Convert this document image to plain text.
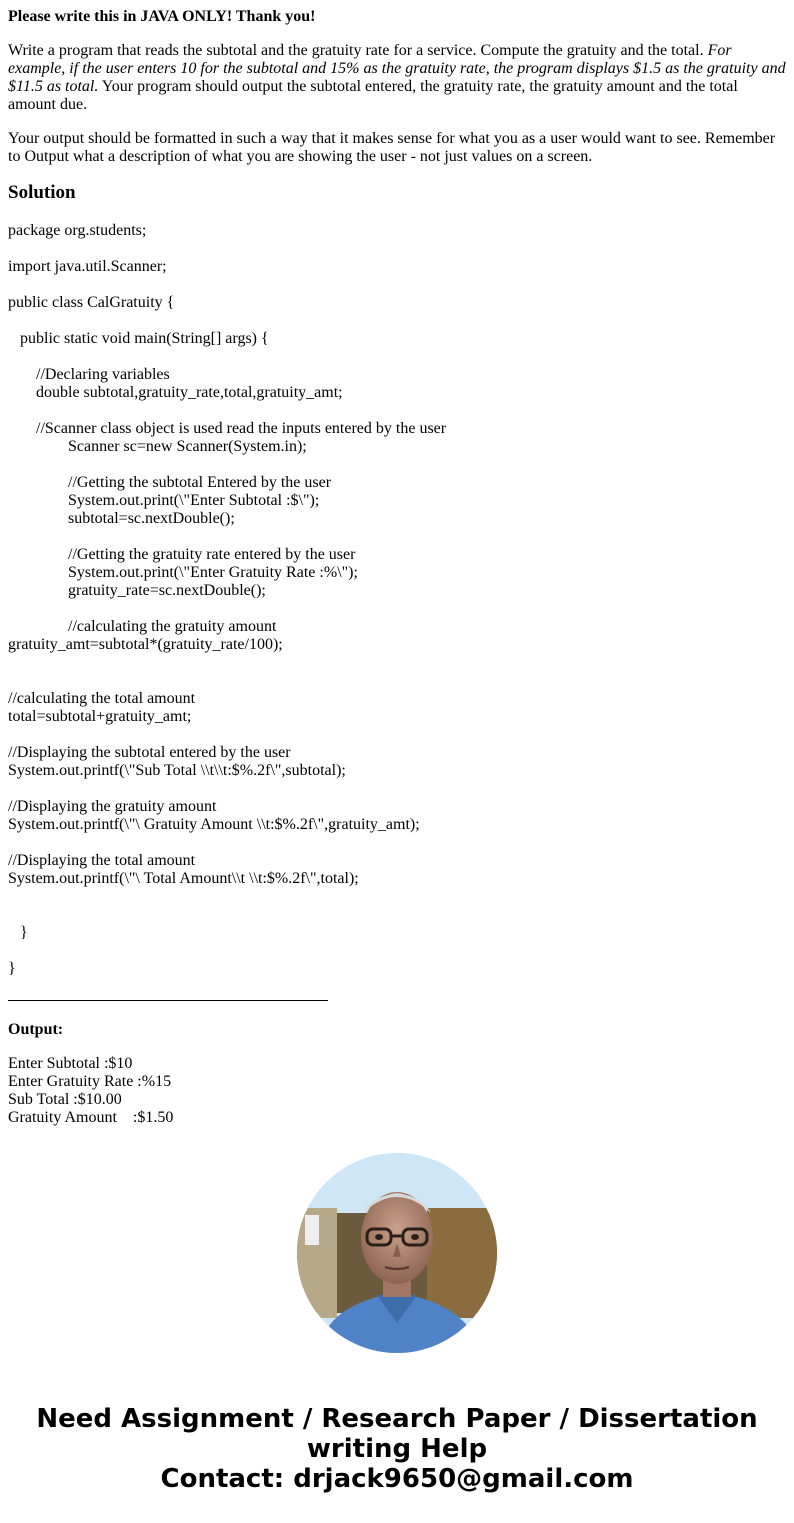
Please write this in JAVA ONLY! Thank you!

Write a program that reads the subtotal and the gratuity rate for a service. Compute the gratuity and the total. For example, if the user enters 10 for the subtotal and 15% as the gratuity rate, the program displays $1.5 as the gratuity and $11.5 as total. Your program should output the subtotal entered, the gratuity rate, the gratuity amount and the total amount due.

Your output should be formatted in such a way that it makes sense for what you as a user would want to see. Remember to Output what a description of what you are showing the user - not just values on a screen.

Solution
package org.students;
import java.util.Scanner;
public class CalGratuity {
public static void main(String[] args) {
//Declaring variables
double subtotal,gratuity_rate,total,gratuity_amt;
//Scanner class object is used read the inputs entered by the user
Scanner sc=new Scanner(System.in);
//Getting the subtotal Entered by the user
System.out.print(\"Enter Subtotal :$\");
subtotal=sc.nextDouble();
//Getting the gratuity rate entered by the user
System.out.print(\"Enter Gratuity Rate :%\");
gratuity_rate=sc.nextDouble();
//calculating the gratuity amount
gratuity_amt=subtotal*(gratuity_rate/100);
//calculating the total amount
total=subtotal+gratuity_amt;
//Displaying the subtotal entered by the user
System.out.printf(\"Sub Total \\t\\t:$%.2f\",subtotal);
//Displaying the gratuity amount
System.out.printf(\"\ Gratuity Amount \\t:$%.2f\",gratuity_amt);
//Displaying the total amount
System.out.printf(\"\ Total Amount\\t \\t:$%.2f\",total);
}
}
Output:
Enter Subtotal :$10
Enter Gratuity Rate :%15
Sub Total :$10.00
Gratuity Amount    :$1.50
Need Assignment / Research Paper / Dissertation
writing Help
Contact: drjack9650@gmail.com
